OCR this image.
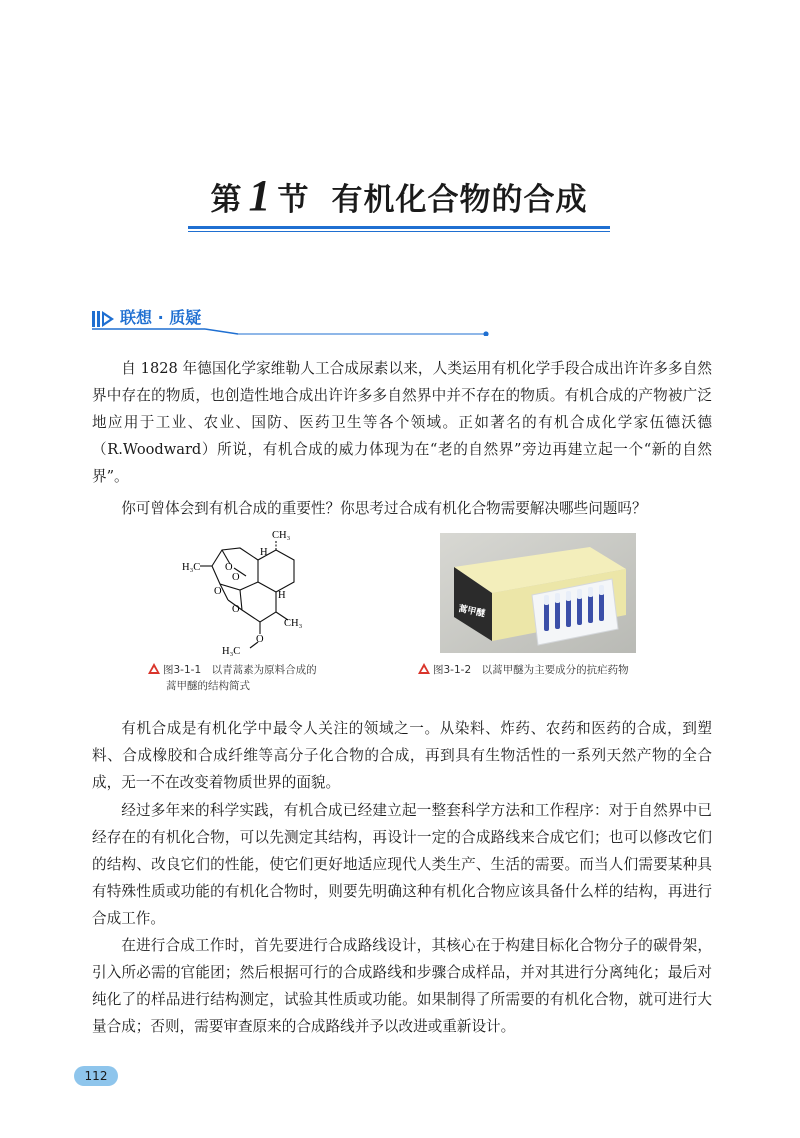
第 1 节 有机化合物的合成
联想 · 质疑

自 1828 年德国化学家维勒人工合成尿素以来，人类运用有机化学手段合成出许许多多自然界中存在的物质，也创造性地合成出许许多多自然界中并不存在的物质。有机合成的产物被广泛地应用于工业、农业、国防、医药卫生等各个领域。正如著名的有机合成化学家伍德沃德（R.Woodward）所说，有机合成的威力体现为在“老的自然界”旁边再建立起一个“新的自然界”。

你可曾体会到有机合成的重要性？你思考过合成有机化合物需要解决哪些问题吗？

CH₃
H
H₃C O
O
O
O
H
CH₃
O
H₃C
蒿甲醚
图3-1-1　以青蒿素为原料合成的
蒿甲醚的结构简式
图3-1-2　以蒿甲醚为主要成分的抗疟药物

有机合成是有机化学中最令人关注的领域之一。从染料、炸药、农药和医药的合成，到塑料、合成橡胶和合成纤维等高分子化合物的合成，再到具有生物活性的一系列天然产物的全合成，无一不在改变着物质世界的面貌。

经过多年来的科学实践，有机合成已经建立起一整套科学方法和工作程序：对于自然界中已经存在的有机化合物，可以先测定其结构，再设计一定的合成路线来合成它们；也可以修改它们的结构、改良它们的性能，使它们更好地适应现代人类生产、生活的需要。而当人们需要某种具有特殊性质或功能的有机化合物时，则要先明确这种有机化合物应该具备什么样的结构，再进行合成工作。

在进行合成工作时，首先要进行合成路线设计，其核心在于构建目标化合物分子的碳骨架，引入所必需的官能团；然后根据可行的合成路线和步骤合成样品，并对其进行分离纯化；最后对纯化了的样品进行结构测定，试验其性质或功能。如果制得了所需要的有机化合物，就可进行大量合成；否则，需要审查原来的合成路线并予以改进或重新设计。

112
